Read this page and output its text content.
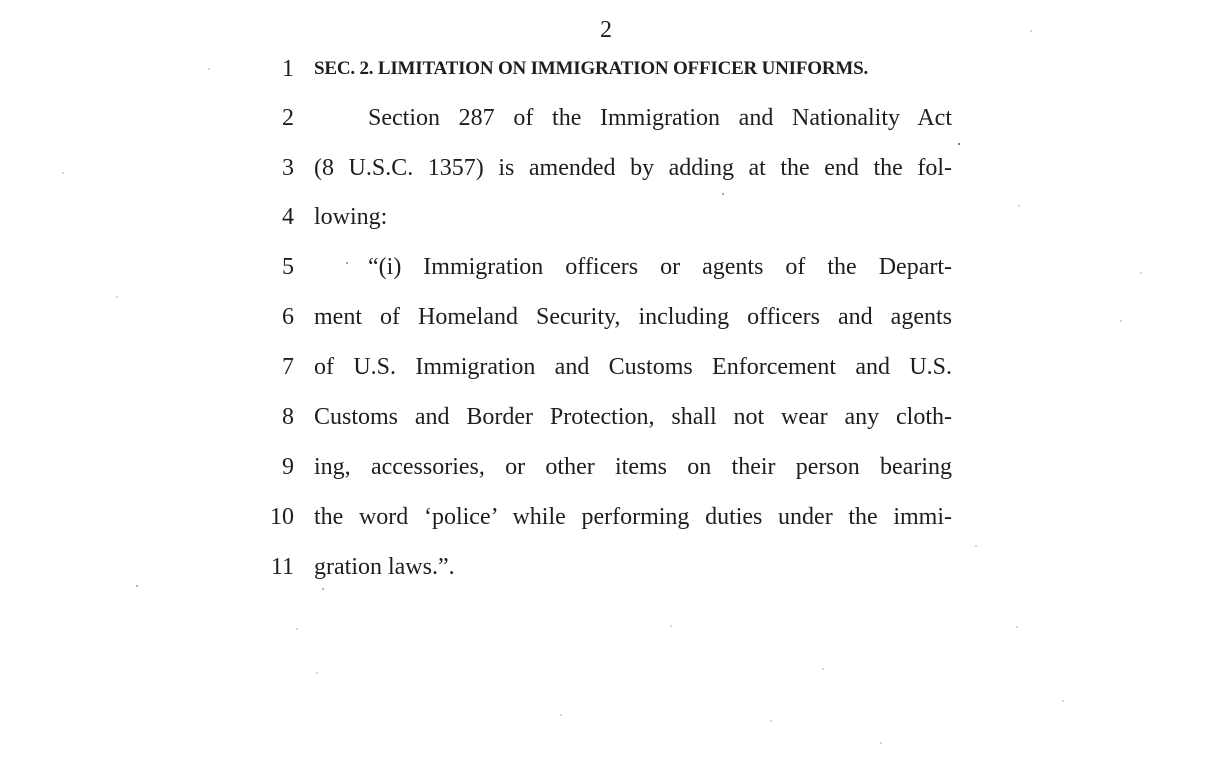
2
1 SEC. 2. LIMITATION ON IMMIGRATION OFFICER UNIFORMS.
2	Section 287 of the Immigration and Nationality Act
3 (8 U.S.C. 1357) is amended by adding at the end the fol-
4 lowing:
5	“(i) Immigration officers or agents of the Depart-
6 ment of Homeland Security, including officers and agents
7 of U.S. Immigration and Customs Enforcement and U.S.
8 Customs and Border Protection, shall not wear any cloth-
9 ing, accessories, or other items on their person bearing
10 the word ‘police’ while performing duties under the immi-
11 gration laws.”.
